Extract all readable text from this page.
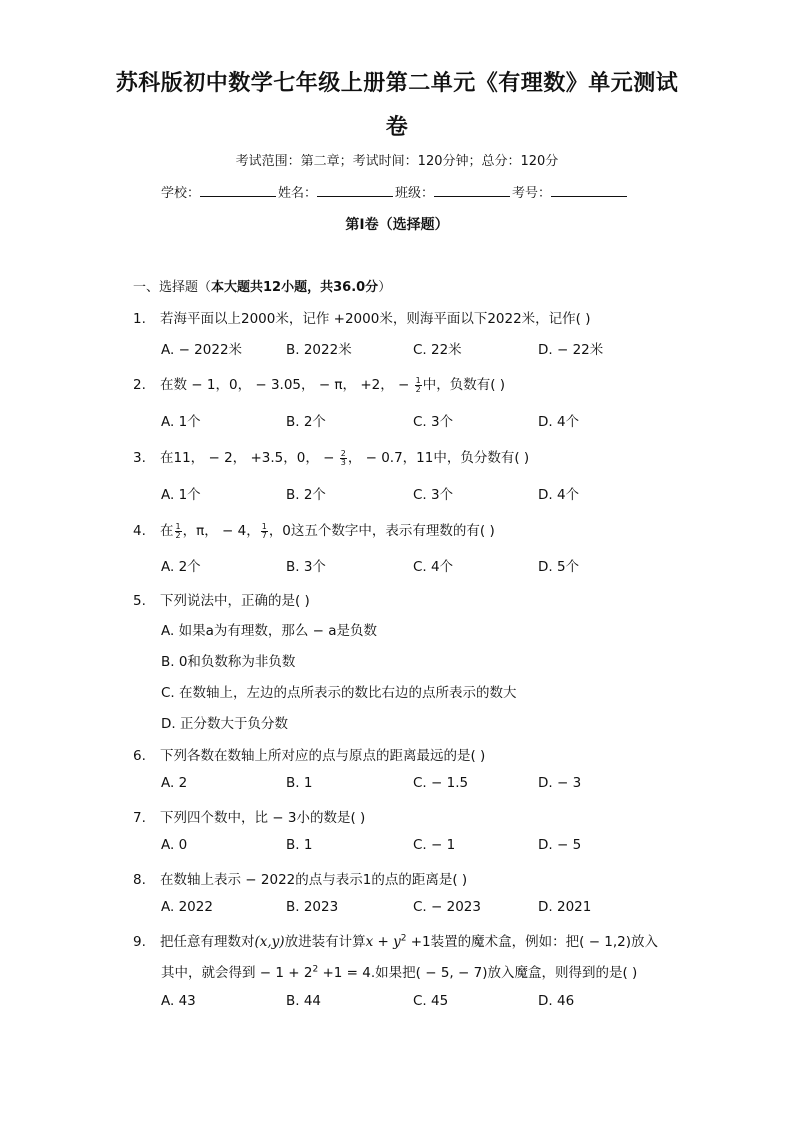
苏科版初中数学七年级上册第二单元《有理数》单元测试
卷
考试范围：第二章；考试时间：120分钟；总分：120分
学校：	姓名：	班级：	考号：
第I卷（选择题）
一、选择题（本大题共12小题，共36.0分）
1. 若海平面以上2000米，记作 +2000米，则海平面以下2022米，记作( )
A. − 2022米	B. 2022米	C. 22米	D. − 22米
2. 在数 − 1，0， − 3.05， − π， +2， − $\frac{1}{2}$ 中，负数有( )
A. 1个	B. 2个	C. 3个	D. 4个
3. 在11， − 2， +3.5，0， − $\frac{2}{3}$ ， − 0.7，11中，负分数有( )
A. 1个	B. 2个	C. 3个	D. 4个
4. 在 $\frac{1}{2}$ ，π， − 4， $\frac{1}{7}$ ，0这五个数字中，表示有理数的有( )
A. 2个	B. 3个	C. 4个	D. 5个
5. 下列说法中，正确的是( )
A. 如果a为有理数，那么 − a是负数
B. 0和负数称为非负数
C. 在数轴上，左边的点所表示的数比右边的点所表示的数大
D. 正分数大于负分数
6. 下列各数在数轴上所对应的点与原点的距离最远的是( )
A. 2	B. 1	C. − 1.5	D. − 3
7. 下列四个数中，比 − 3小的数是( )
A. 0	B. 1	C. − 1	D. − 5
8. 在数轴上表示 − 2022的点与表示1的点的距离是( )
A. 2022	B. 2023	C. − 2023	D. 2021
9. 把任意有理数对(x,y)放进装有计算$x + y^2 +1$装置的魔术盒，例如：把( − 1,2)放入
其中，就会得到 − $1 + 2^2 +1 = 4$.如果把( − 5, − 7)放入魔盒，则得到的是( )
A. 43	B. 44	C. 45	D. 46
